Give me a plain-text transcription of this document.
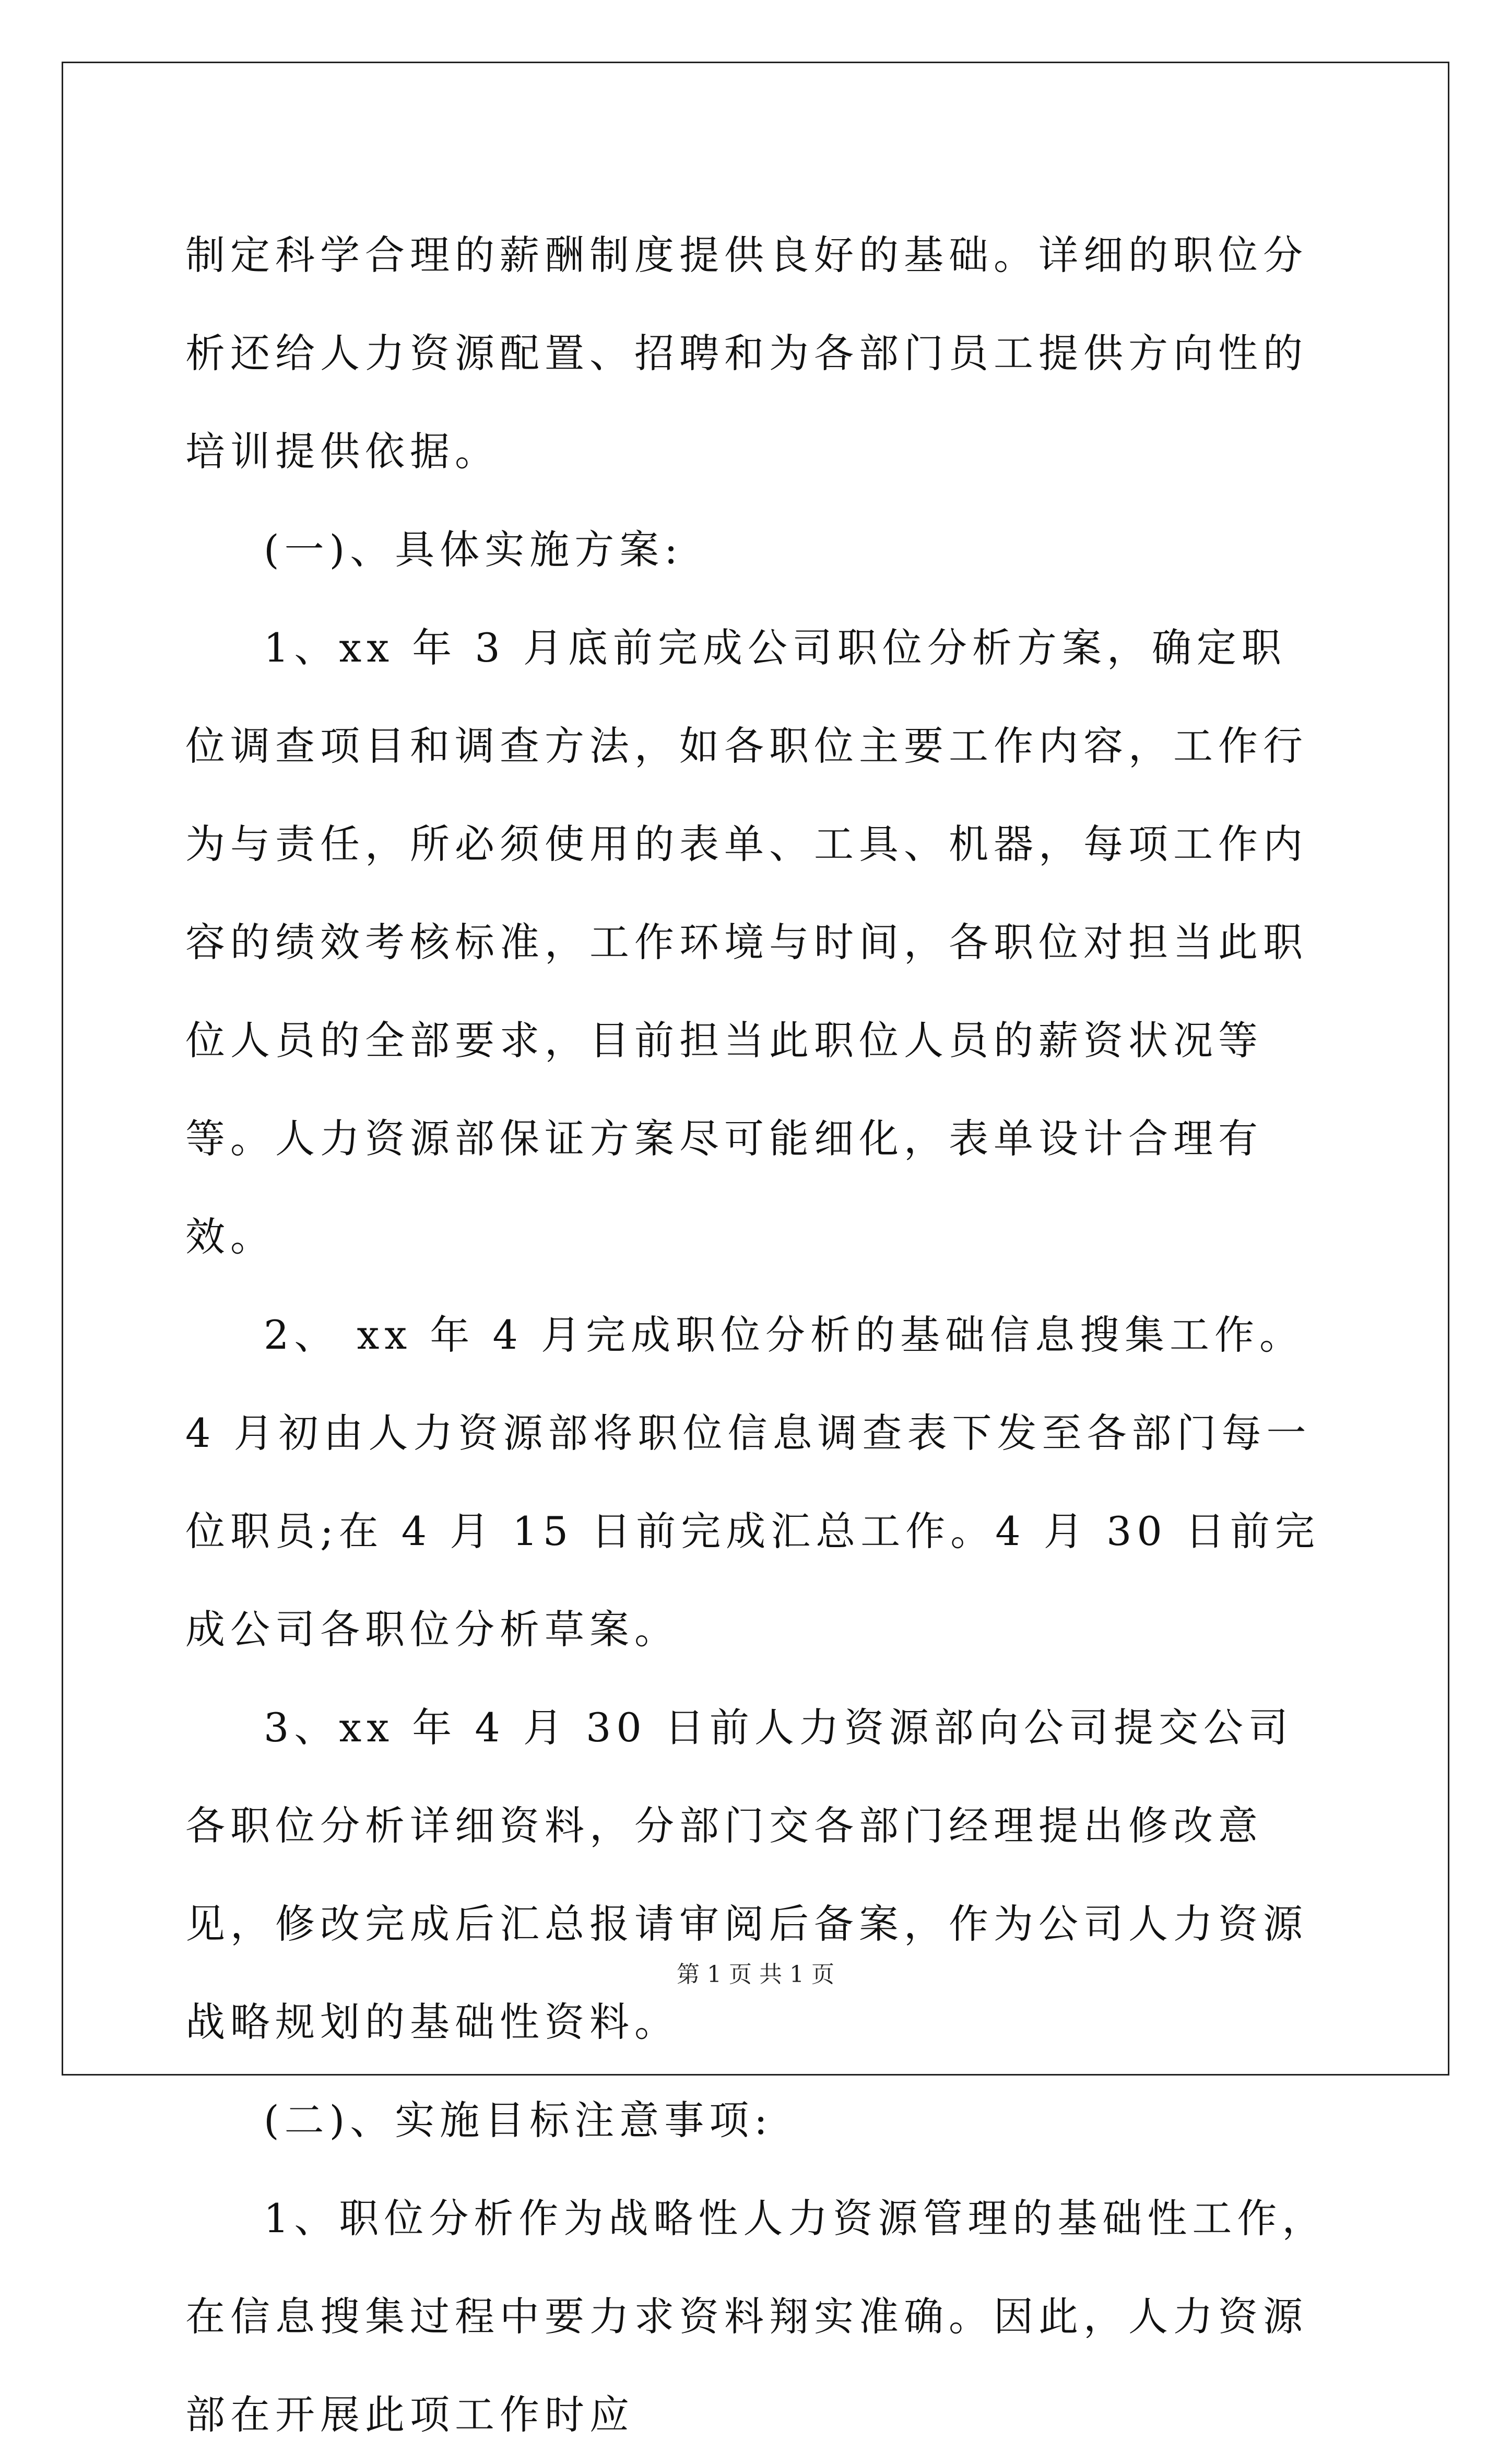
制定科学合理的薪酬制度提供良好的基础。详细的职位分析还给人力资源配置、招聘和为各部门员工提供方向性的培训提供依据。

(一)、具体实施方案:

1、xx 年 3 月底前完成公司职位分析方案，确定职位调查项目和调查方法，如各职位主要工作内容，工作行为与责任，所必须使用的表单、工具、机器，每项工作内容的绩效考核标准，工作环境与时间，各职位对担当此职位人员的全部要求，目前担当此职位人员的薪资状况等等。人力资源部保证方案尽可能细化，表单设计合理有效。

2、 xx 年 4 月完成职位分析的基础信息搜集工作。4 月初由人力资源部将职位信息调查表下发至各部门每一位职员;在 4 月 15 日前完成汇总工作。4 月 30 日前完成公司各职位分析草案。

3、xx 年 4 月 30 日前人力资源部向公司提交公司各职位分析详细资料，分部门交各部门经理提出修改意见，修改完成后汇总报请审阅后备案，作为公司人力资源战略规划的基础性资料。

(二)、实施目标注意事项:

1、职位分析作为战略性人力资源管理的基础性工作，在信息搜集过程中要力求资料翔实准确。因此，人力资源部在开展此项工作时应

第 1 页 共 1 页
